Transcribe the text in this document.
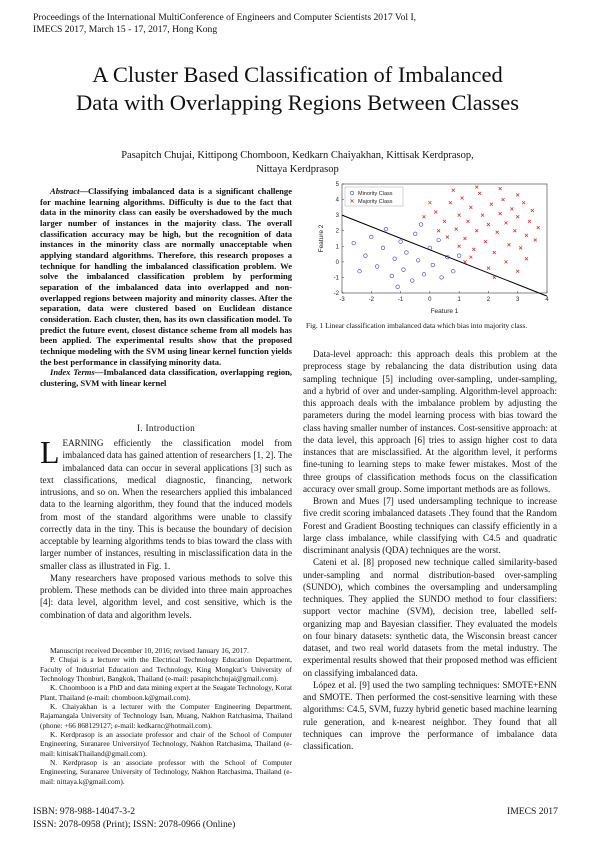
Proceedings of the International MultiConference of Engineers and Computer Scientists 2017 Vol I,
IMECS 2017, March 15 - 17, 2017, Hong Kong
A Cluster Based Classification of Imbalanced
Data with Overlapping Regions Between Classes
Pasapitch Chujai, Kittipong Chomboon, Kedkarn Chaiyakhan, Kittisak Kerdprasop,
Nittaya Kerdprasop

Abstract—Classifying imbalanced data is a significant challenge for machine learning algorithms. Difficulty is due to the fact that data in the minority class can easily be overshadowed by the much larger number of instances in the majority class. The overall classification accuracy may be high, but the recognition of data instances in the minority class are normally unacceptable when applying standard algorithms. Therefore, this research proposes a technique for handling the imbalanced classification problem. We solve the imbalanced classification problem by performing separation of the imbalanced data into overlapped and non-overlapped regions between majority and minority classes. After the separation, data were clustered based on Euclidean distance consideration. Each cluster, then, has its own classification model. To predict the future event, closest distance scheme from all models has been applied. The experimental results show that the proposed technique modeling with the SVM using linear kernel function yields the best performance in classifying minority data.

Index Terms—Imbalanced data classification, overlapping region, clustering, SVM with linear kernel

I. Introduction

LEARNING efficiently the classification model from imbalanced data has gained attention of researchers [1, 2]. The imbalanced data can occur in several applications [3] such as text classifications, medical diagnostic, financing, network intrusions, and so on. When the researchers applied this imbalanced data to the learning algorithm, they found that the induced models from most of the standard algorithms were unable to classify correctly data in the tiny. This is because the boundary of decision acceptable by learning algorithms tends to bias toward the class with larger number of instances, resulting in misclassification data in the smaller class as illustrated in Fig. 1.

Many researchers have proposed various methods to solve this problem. These methods can be divided into three main approaches [4]: data level, algorithm level, and cost sensitive, which is the combination of data and algorithm levels.

Manuscript received December 10, 2016; revised January 16, 2017.

P. Chujai is a lecturer with the Electrical Technology Education Department, Faculty of Industrial Education and Technology, King Mongkut’s University of Technology Thonburi, Bangkok, Thailand (e-mail: pasapitchchujai@gmail.com).

K. Choomboon is a PhD and data mining expert at the Seagate Technology, Korat Plant, Thailand (e-mail: chomboon.k@gmail.com).

K. Chaiyakhan is a lecturer with the Computer Engineering Department, Rajamangala University of Technology Isan, Muang, Nakhon Ratchasima, Thailand (phone: +66 868129127; e-mail: kedkarnc@hotmail.com).

K. Kerdprasop is an associate professor and chair of the School of Computer Engineering, Suranaree Universityof Technology, Nakhon Ratchasima, Thailand (e-mail: kittisakThailand@gmail.com).

N. Kerdprasop is an associate professor with the School of Computer Engineering, Suranaree University of Technology, Nakhon Ratchasima, Thailand (e-mail: nittaya.k@gmail.com).

-3	-2	-1	0	1	2	3	4
-2
-1
0
1
2
3
4
5
Feature 1
Feature 2
Minority Class
Majority Class
Fig. 1 Linear classification imbalanced data which bias into majority class.

Data-level approach: this approach deals this problem at the preprocess stage by rebalancing the data distribution using data sampling technique [5] including over-sampling, under-sampling, and a hybrid of over and under-sampling. Algorithm-level approach: this approach deals with the imbalance problem by adjusting the parameters during the model learning process with bias toward the class having smaller number of instances. Cost-sensitive approach: at the data level, this approach [6] tries to assign higher cost to data instances that are misclassified. At the algorithm level, it performs fine-tuning to learning steps to make fewer mistakes. Most of the three groups of classification methods focus on the classification accuracy over small group. Some important methods are as follows.

Brown and Mues [7] used undersampling technique to increase five credit scoring imbalanced datasets .They found that the Random Forest and Gradient Boosting techniques can classify efficiently in a large class imbalance, while classifying with C4.5 and quadratic discriminant analysis (QDA) techniques are the worst.

Cateni et al. [8] proposed new technique called similarity-based under-sampling and normal distribution-based over-sampling (SUNDO), which combines the oversampling and undersampling techniques. They applied the SUNDO method to four classifiers: support vector machine (SVM), decision tree, labelled self-organizing map and Bayesian classifier. They evaluated the models on four binary datasets: synthetic data, the Wisconsin breast cancer dataset, and two real world datasets from the metal industry. The experimental results showed that their proposed method was efficient on classifying imbalanced data.

López et al. [9] used the two sampling techniques: SMOTE+ENN and SMOTE. Then performed the cost-sensitive learning with these algorithms: C4.5, SVM, fuzzy hybrid genetic based machine learning rule generation, and k-nearest neighbor. They found that all techniques can improve the performance of imbalance data classification.

ISBN: 978-988-14047-3-2
ISSN: 2078-0958 (Print); ISSN: 2078-0966 (Online)
IMECS 2017
